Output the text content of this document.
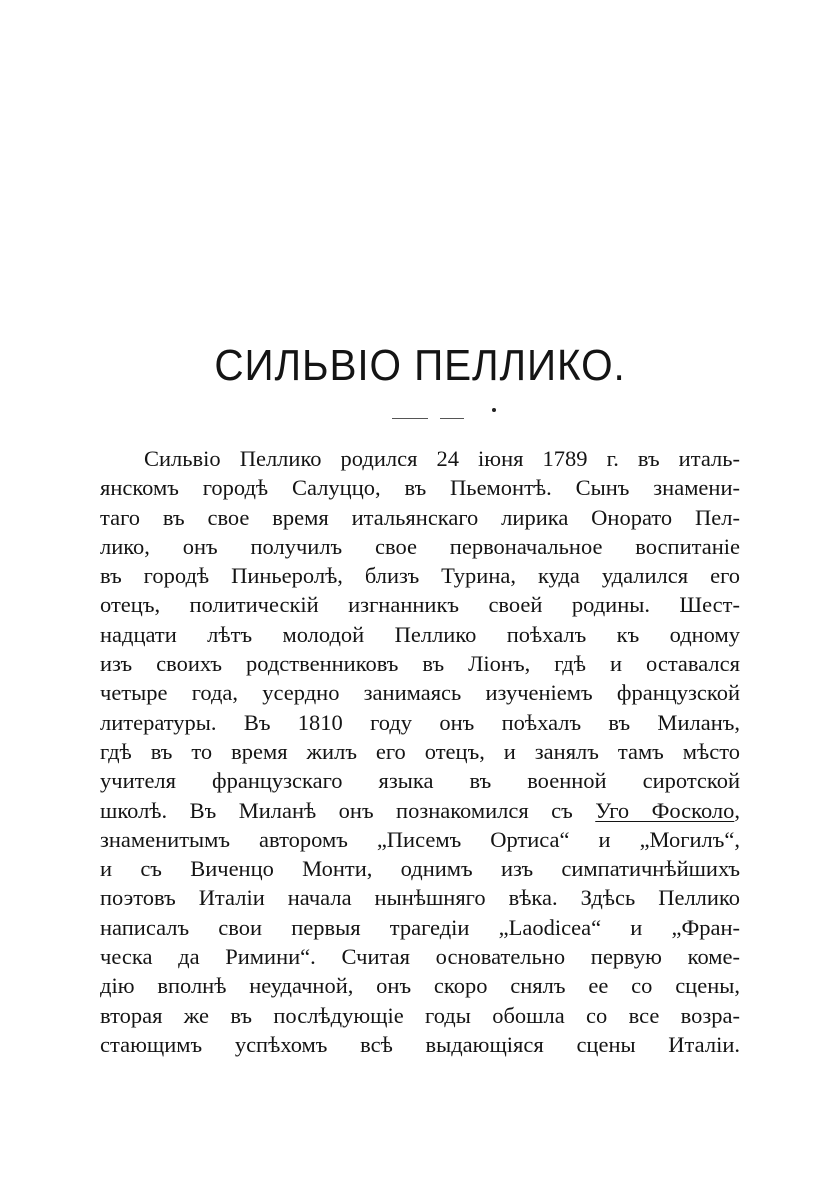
СИЛЬВІО ПЕЛЛИКО.
Сильвіо Пеллико родился 24 іюня 1789 г. въ италь-
янскомъ городѣ Салуццо, въ Пьемонтѣ. Сынъ знамени-
таго въ свое время итальянскаго лирика Онорато Пел-
лико, онъ получилъ свое первоначальное воспитаніе
въ городѣ Пиньеролѣ, близъ Турина, куда удалился его
отецъ, политическій изгнанникъ своей родины. Шест-
надцати лѣтъ молодой Пеллико поѣхалъ къ одному
изъ своихъ родственниковъ въ Ліонъ, гдѣ и оставался
четыре года, усердно занимаясь изученіемъ французской
литературы. Въ 1810 году онъ поѣхалъ въ Миланъ,
гдѣ въ то время жилъ его отецъ, и занялъ тамъ мѣсто
учителя французскаго языка въ военной сиротской
школѣ. Въ Миланѣ онъ познакомился съ Уго Фосколо,
знаменитымъ авторомъ „Писемъ Ортиса“ и „Могилъ“,
и съ Виченцо Монти, однимъ изъ симпатичнѣйшихъ
поэтовъ Италіи начала нынѣшняго вѣка. Здѣсь Пеллико
написалъ свои первыя трагедіи „Laodicea“ и „Фран-
ческа да Римини“. Считая основательно первую коме-
дію вполнѣ неудачной, онъ скоро снялъ ее со сцены,
вторая же въ послѣдующіе годы обошла со все возра-
стающимъ успѣхомъ всѣ выдающіяся сцены Италіи.
